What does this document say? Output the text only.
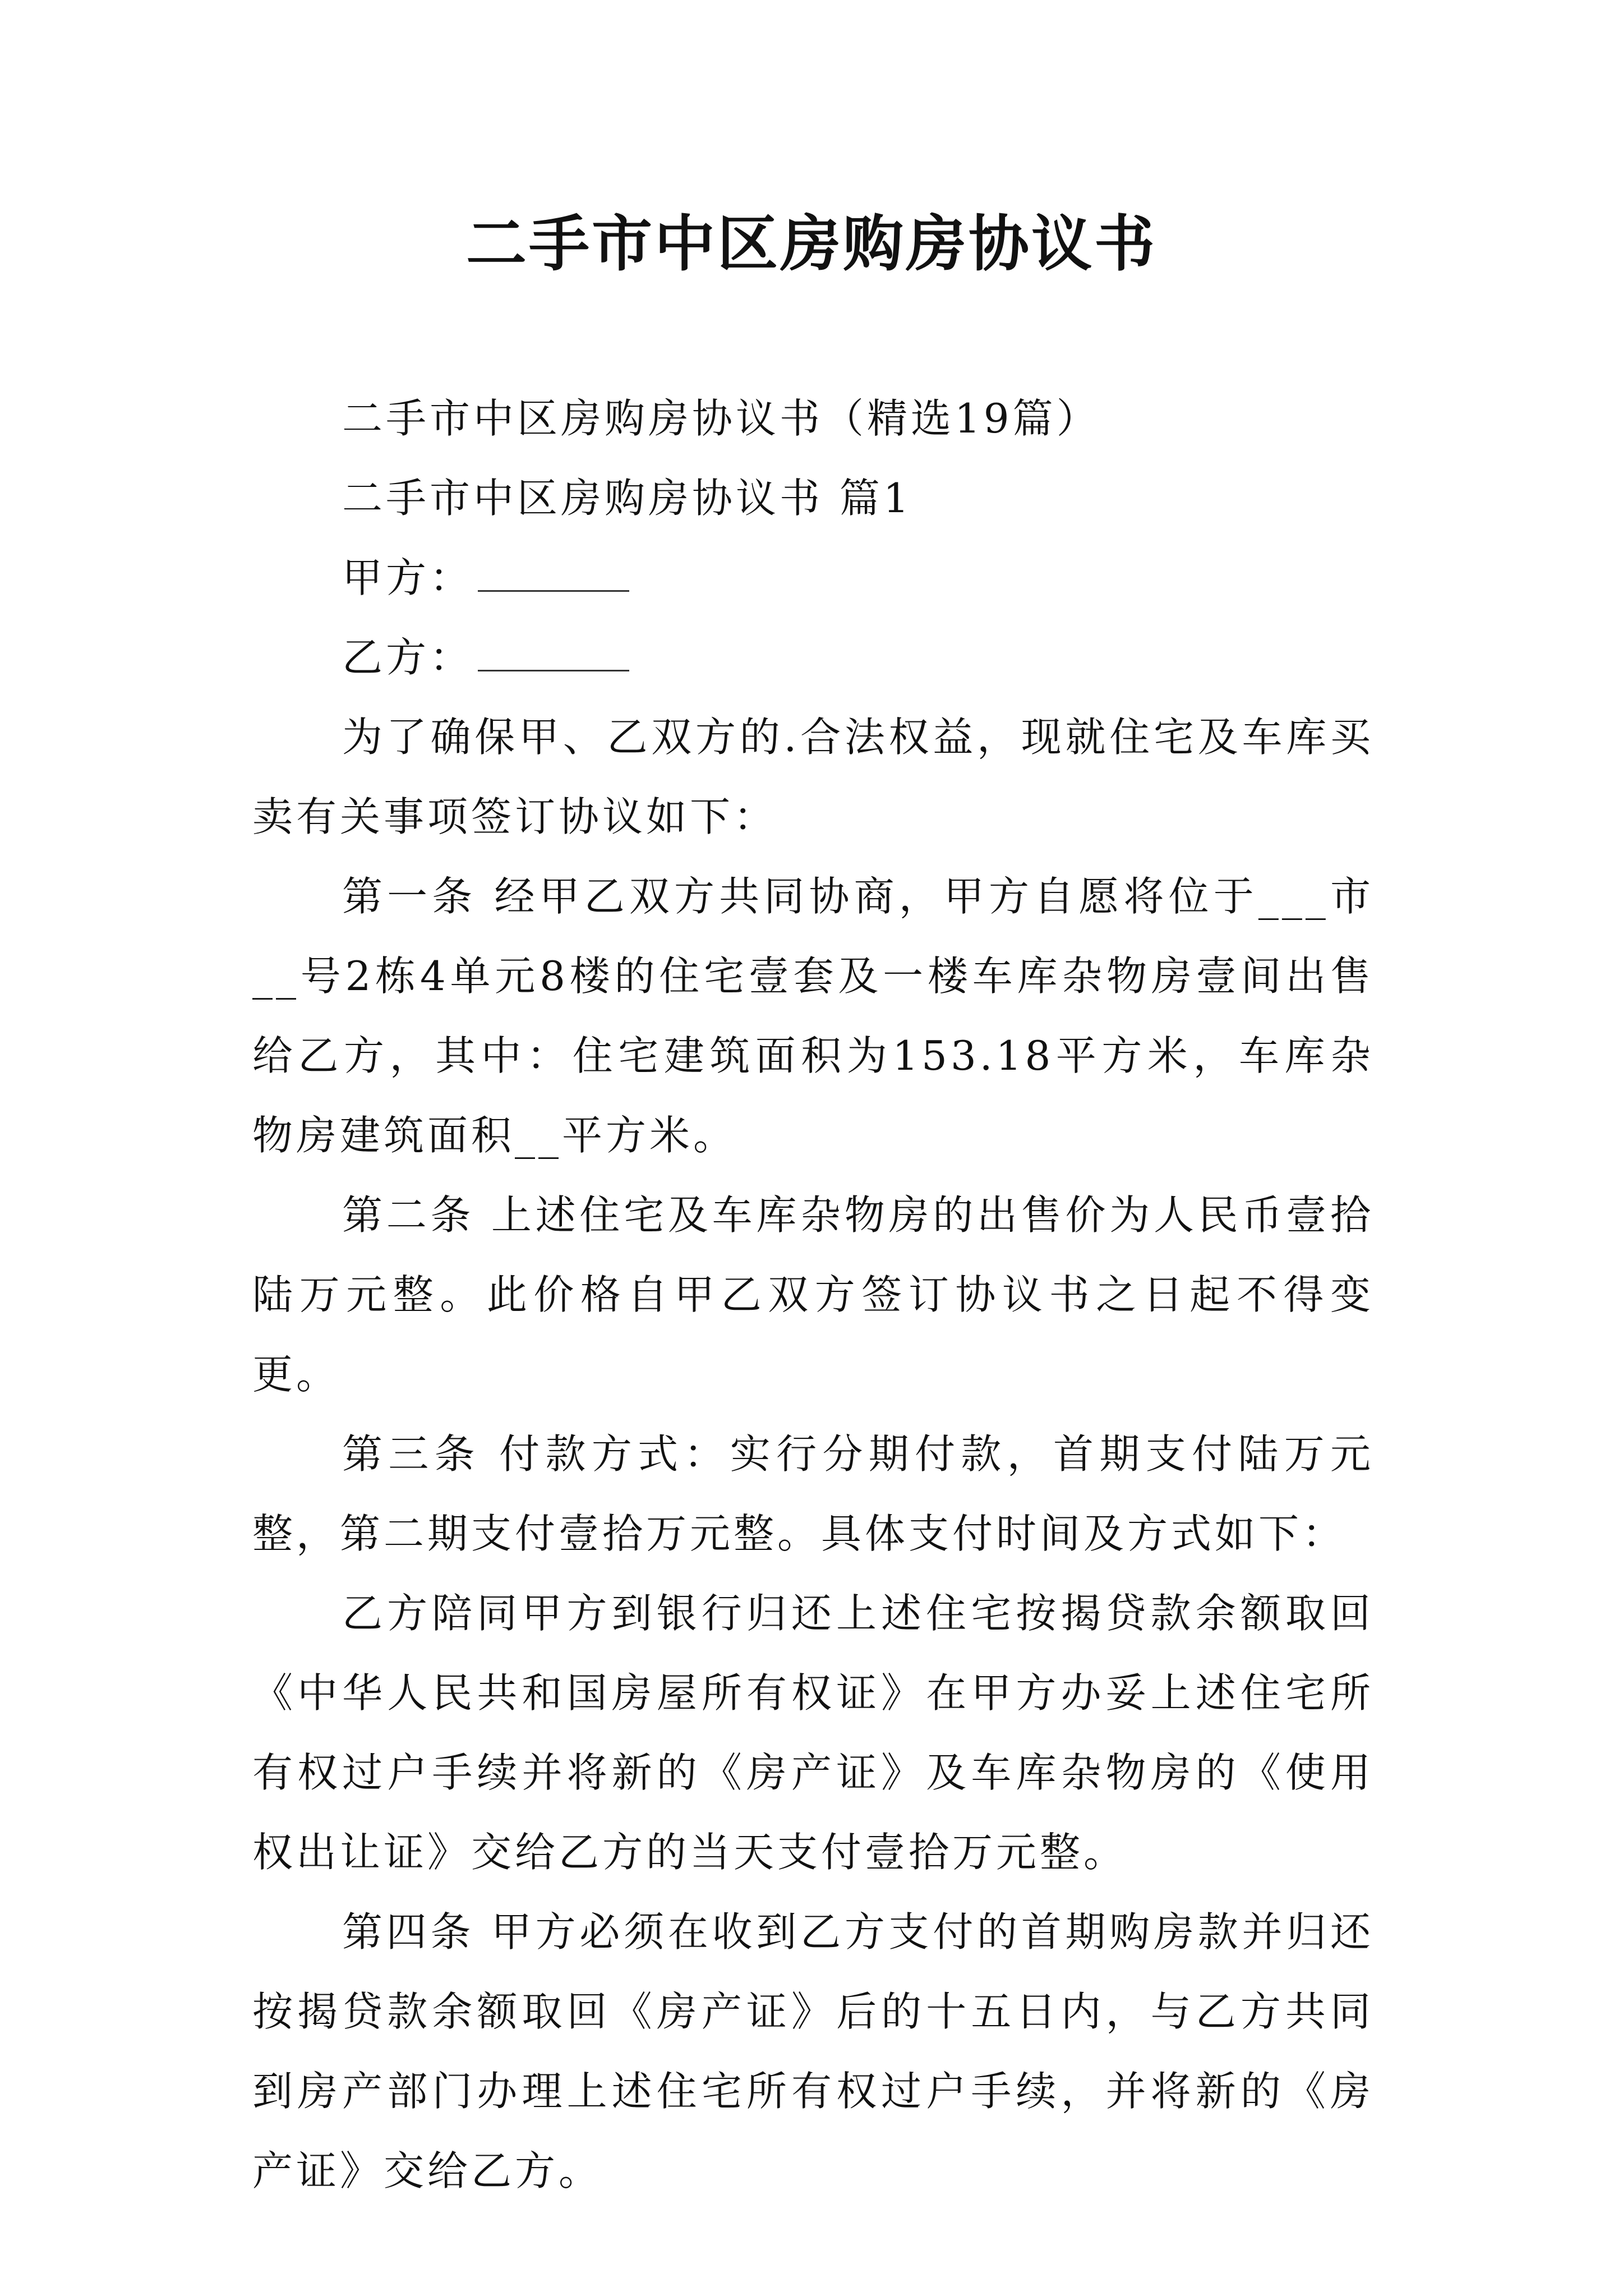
二手市中区房购房协议书

二手市中区房购房协议书（精选19篇）

二手市中区房购房协议书 篇1

甲方：

乙方：

为了确保甲、乙双方的.合法权益，现就住宅及车库买卖有关事项签订协议如下：

第一条 经甲乙双方共同协商，甲方自愿将位于___市__号2栋4单元8楼的住宅壹套及一楼车库杂物房壹间出售给乙方，其中：住宅建筑面积为153.18平方米，车库杂物房建筑面积__平方米。

第二条 上述住宅及车库杂物房的出售价为人民币壹拾陆万元整。此价格自甲乙双方签订协议书之日起不得变更。

第三条 付款方式：实行分期付款，首期支付陆万元整，第二期支付壹拾万元整。具体支付时间及方式如下：

乙方陪同甲方到银行归还上述住宅按揭贷款余额取回《中华人民共和国房屋所有权证》在甲方办妥上述住宅所有权过户手续并将新的《房产证》及车库杂物房的《使用权出让证》交给乙方的当天支付壹拾万元整。

第四条 甲方必须在收到乙方支付的首期购房款并归还按揭贷款余额取回《房产证》后的十五日内，与乙方共同到房产部门办理上述住宅所有权过户手续，并将新的《房产证》交给乙方。
